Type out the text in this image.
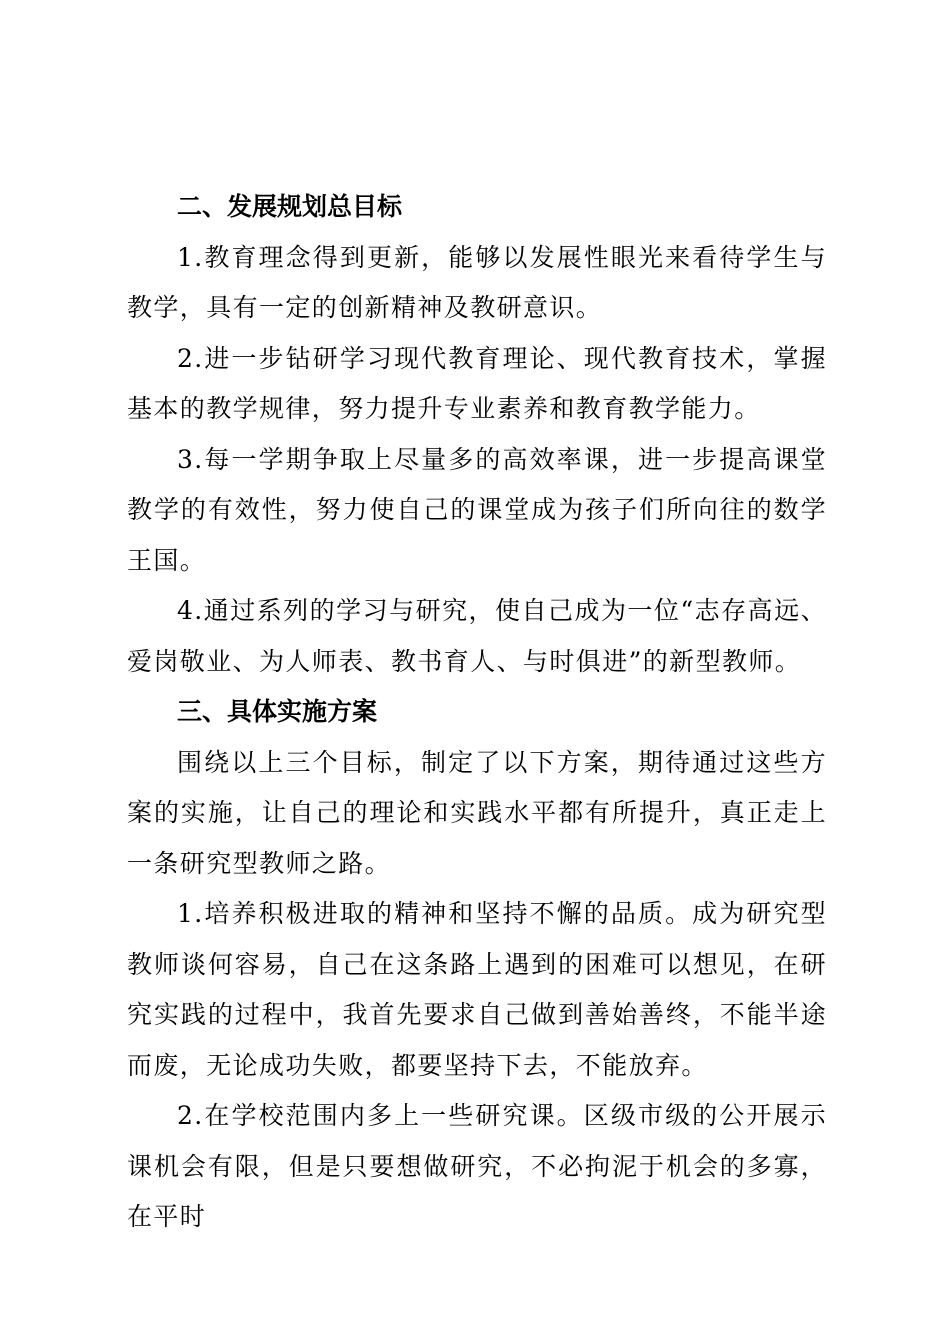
二、发展规划总目标

1.教育理念得到更新，能够以发展性眼光来看待学生与教学，具有一定的创新精神及教研意识。

2.进一步钻研学习现代教育理论、现代教育技术，掌握基本的教学规律，努力提升专业素养和教育教学能力。

3.每一学期争取上尽量多的高效率课，进一步提高课堂教学的有效性，努力使自己的课堂成为孩子们所向往的数学王国。

4.通过系列的学习与研究，使自己成为一位“志存高远、爱岗敬业、为人师表、教书育人、与时俱进”的新型教师。

三、具体实施方案

围绕以上三个目标，制定了以下方案，期待通过这些方案的实施，让自己的理论和实践水平都有所提升，真正走上一条研究型教师之路。

1.培养积极进取的精神和坚持不懈的品质。成为研究型教师谈何容易，自己在这条路上遇到的困难可以想见，在研究实践的过程中，我首先要求自己做到善始善终，不能半途而废，无论成功失败，都要坚持下去，不能放弃。

2.在学校范围内多上一些研究课。区级市级的公开展示课机会有限，但是只要想做研究，不必拘泥于机会的多寡，在平时
